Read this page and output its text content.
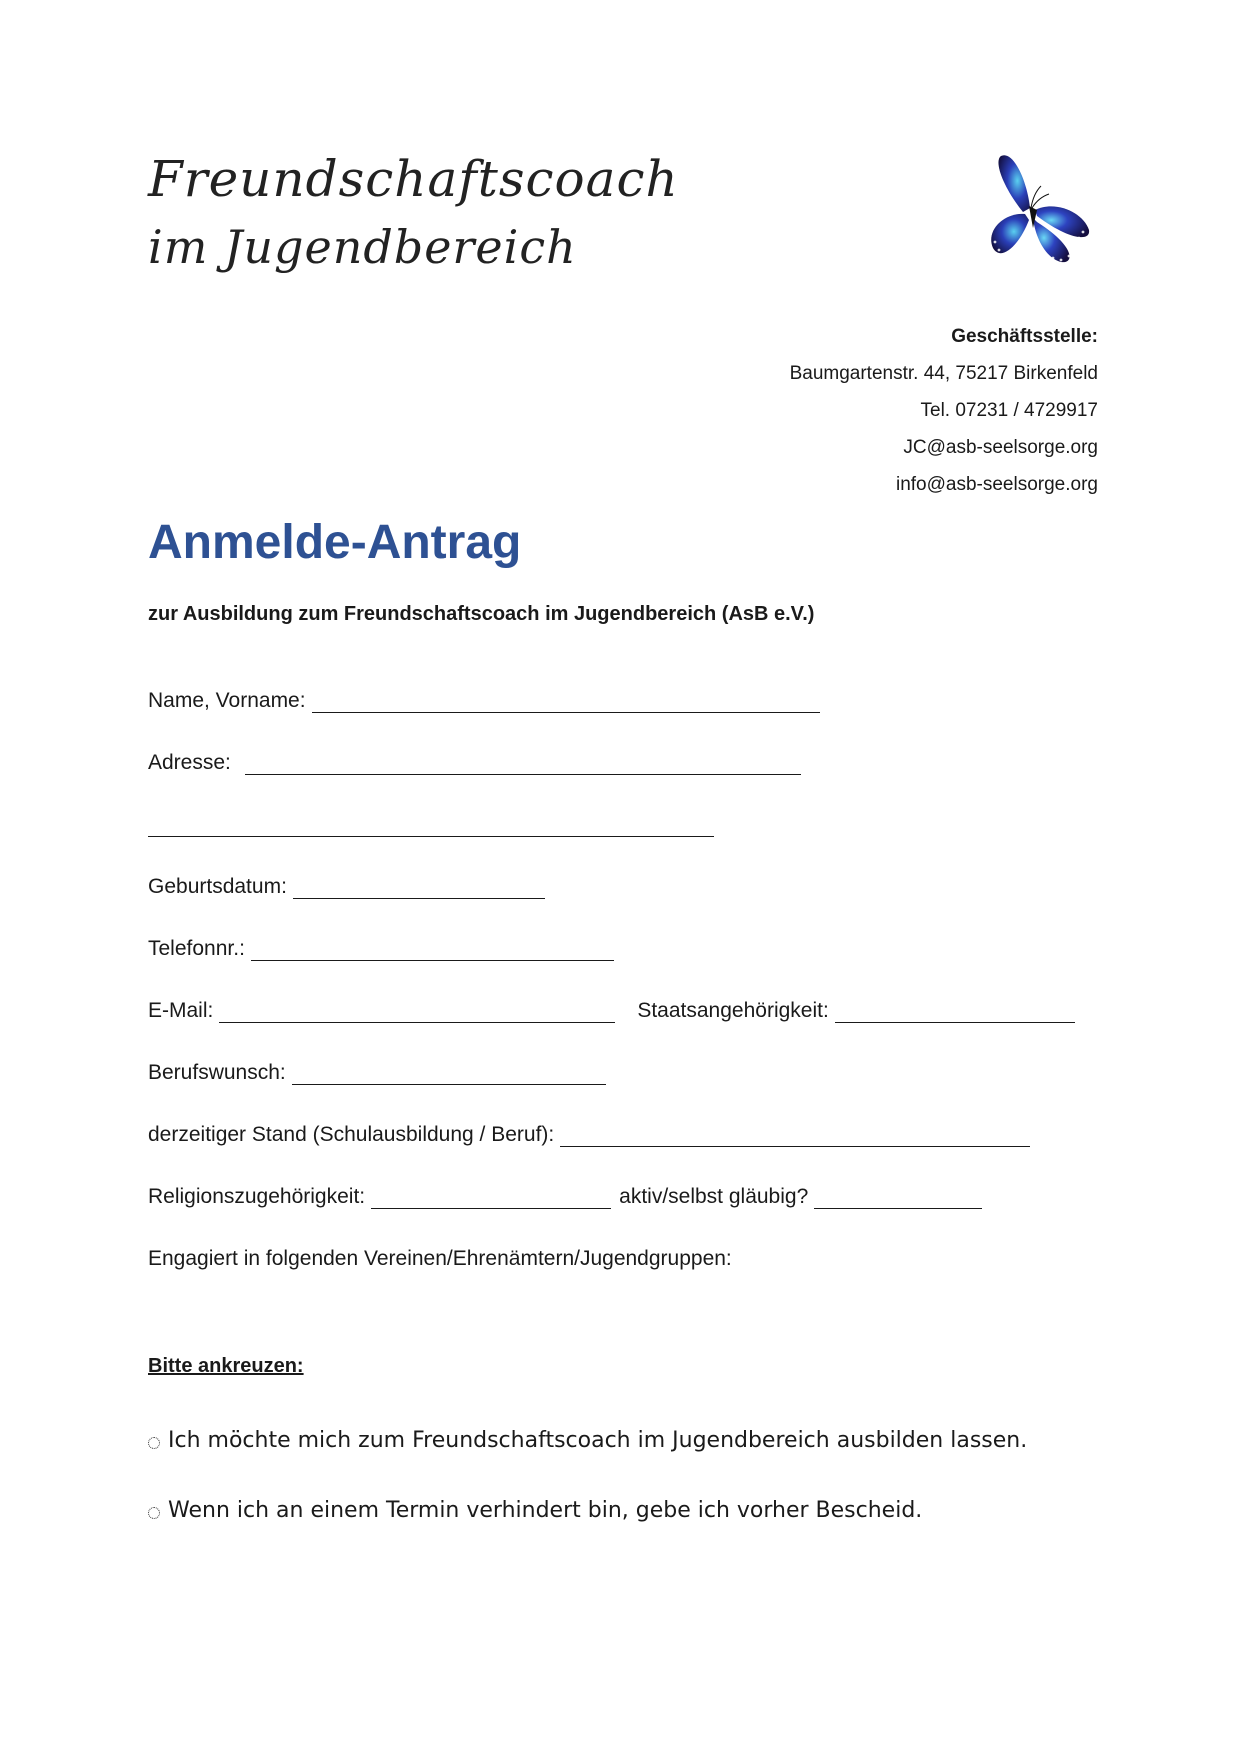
Freundschaftscoach
im Jugendbereich
Geschäftsstelle:
Baumgartenstr. 44, 75217 Birkenfeld
Tel. 07231 / 4729917
JC@asb-seelsorge.org
info@asb-seelsorge.org
Anmelde-Antrag
zur Ausbildung zum Freundschaftscoach im Jugendbereich (AsB e.V.)
Name, Vorname:
Adresse:
Geburtsdatum:
Telefonnr.:
E-Mail:	Staatsangehörigkeit:
Berufswunsch:
derzeitiger Stand (Schulausbildung / Beruf):
Religionszugehörigkeit:	aktiv/selbst gläubig?
Engagiert in folgenden Vereinen/Ehrenämtern/Jugendgruppen:
Bitte ankreuzen:
Ich möchte mich zum Freundschaftscoach im Jugendbereich ausbilden lassen.
Wenn ich an einem Termin verhindert bin, gebe ich vorher Bescheid.
